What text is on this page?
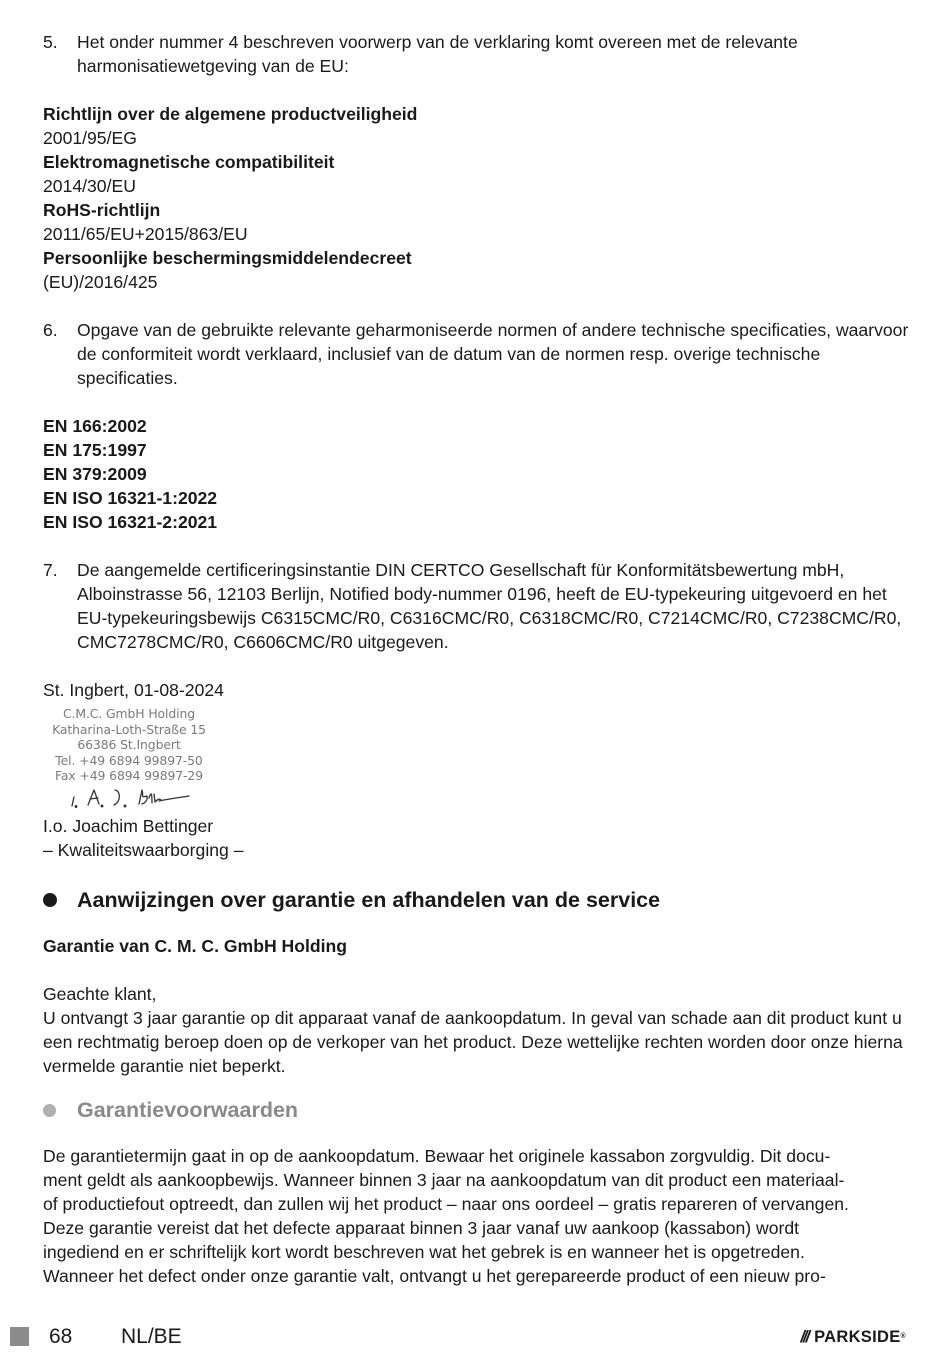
5. Het onder nummer 4 beschreven voorwerp van de verklaring komt overeen met de relevante harmonisatiewetgeving van de EU:

Richtlijn over de algemene productveiligheid

2001/95/EG

Elektromagnetische compatibiliteit

2014/30/EU

RoHS-richtlijn

2011/65/EU+2015/863/EU

Persoonlijke beschermingsmiddelendecreet

(EU)/2016/425

6. Opgave van de gebruikte relevante geharmoniseerde normen of andere technische specificaties, waarvoor de conformiteit wordt verklaard, inclusief van de datum van de normen resp. overige technische specificaties.

EN 166:2002

EN 175:1997

EN 379:2009

EN ISO 16321-1:2022

EN ISO 16321-2:2021

7. De aangemelde certificeringsinstantie DIN CERTCO Gesellschaft für Konformitätsbewertung mbH, Alboinstrasse 56, 12103 Berlijn, Notified body-nummer 0196, heeft de EU-typekeuring uitgevoerd en het EU-typekeuringsbewijs C6315CMC/R0, C6316CMC/R0, C6318CMC/R0, C7214CMC/R0, C7238CMC/R0, CMC7278CMC/R0, C6606CMC/R0 uitgegeven.

St. Ingbert, 01-08-2024

C.M.C. GmbH Holding
Katharina-Loth-Straße 15
66386 St.Ingbert
Tel. +49 6894 99897-50
Fax +49 6894 99897-29

I.o. Joachim Bettinger

– Kwaliteitswaarborging –

Aanwijzingen over garantie en afhandelen van de service

Garantie van C. M. C. GmbH Holding

Geachte klant,

U ontvangt 3 jaar garantie op dit apparaat vanaf de aankoopdatum. In geval van schade aan dit product kunt u een rechtmatig beroep doen op de verkoper van het product. Deze wettelijke rechten worden door onze hierna vermelde garantie niet beperkt.

Garantievoorwaarden

De garantietermijn gaat in op de aankoopdatum. Bewaar het originele kassabon zorgvuldig. Dit docu-

ment geldt als aankoopbewijs. Wanneer binnen 3 jaar na aankoopdatum van dit product een materiaal-

of productiefout optreedt, dan zullen wij het product – naar ons oordeel – gratis repareren of vervangen.

Deze garantie vereist dat het defecte apparaat binnen 3 jaar vanaf uw aankoop (kassabon) wordt

ingediend en er schriftelijk kort wordt beschreven wat het gebrek is en wanneer het is opgetreden.

Wanneer het defect onder onze garantie valt, ontvangt u het gerepareerde product of een nieuw pro-

68 NL/BE	/// PARKSIDE®
